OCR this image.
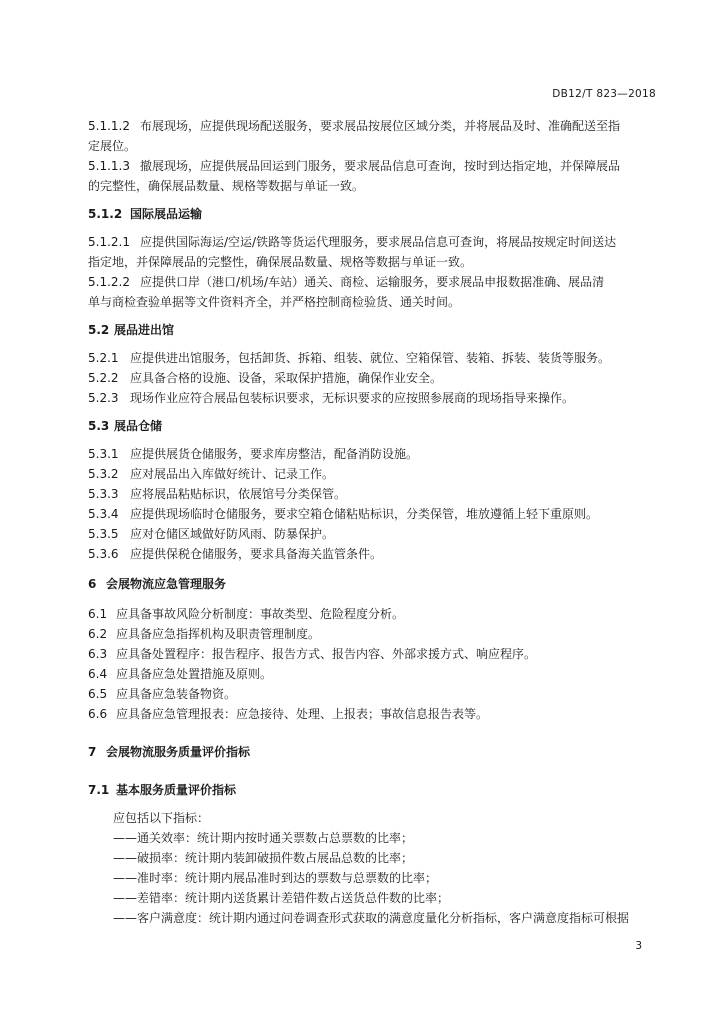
DB12/T 823—2018
5.1.1.2 布展现场，应提供现场配送服务，要求展品按展位区域分类，并将展品及时、准确配送至指
定展位。
5.1.1.3 撤展现场，应提供展品回运到门服务，要求展品信息可查询，按时到达指定地，并保障展品
的完整性，确保展品数量、规格等数据与单证一致。
5.1.2 国际展品运输
5.1.2.1 应提供国际海运/空运/铁路等货运代理服务，要求展品信息可查询，将展品按规定时间送达
指定地，并保障展品的完整性，确保展品数量、规格等数据与单证一致。
5.1.2.2 应提供口岸（港口/机场/车站）通关、商检、运输服务，要求展品申报数据准确、展品清
单与商检查验单据等文件资料齐全，并严格控制商检验货、通关时间。
5.2 展品进出馆
5.2.1 应提供进出馆服务，包括卸货、拆箱、组装、就位、空箱保管、装箱、拆装、装货等服务。
5.2.2 应具备合格的设施、设备，采取保护措施，确保作业安全。
5.2.3 现场作业应符合展品包装标识要求，无标识要求的应按照参展商的现场指导来操作。
5.3 展品仓储
5.3.1 应提供展货仓储服务，要求库房整洁，配备消防设施。
5.3.2 应对展品出入库做好统计、记录工作。
5.3.3 应将展品粘贴标识，依展馆号分类保管。
5.3.4 应提供现场临时仓储服务，要求空箱仓储粘贴标识，分类保管，堆放遵循上轻下重原则。
5.3.5 应对仓储区域做好防风雨、防暴保护。
5.3.6 应提供保税仓储服务，要求具备海关监管条件。
6 会展物流应急管理服务
6.1 应具备事故风险分析制度：事故类型、危险程度分析。
6.2 应具备应急指挥机构及职责管理制度。
6.3 应具备处置程序：报告程序、报告方式、报告内容、外部求援方式、响应程序。
6.4 应具备应急处置措施及原则。
6.5 应具备应急装备物资。
6.6 应具备应急管理报表：应急接待、处理、上报表；事故信息报告表等。
7 会展物流服务质量评价指标
7.1 基本服务质量评价指标
应包括以下指标：
——通关效率：统计期内按时通关票数占总票数的比率；
——破损率：统计期内装卸破损件数占展品总数的比率；
——准时率：统计期内展品准时到达的票数与总票数的比率；
——差错率：统计期内送货累计差错件数占送货总件数的比率；
——客户满意度：统计期内通过问卷调查形式获取的满意度量化分析指标，客户满意度指标可根据
3
